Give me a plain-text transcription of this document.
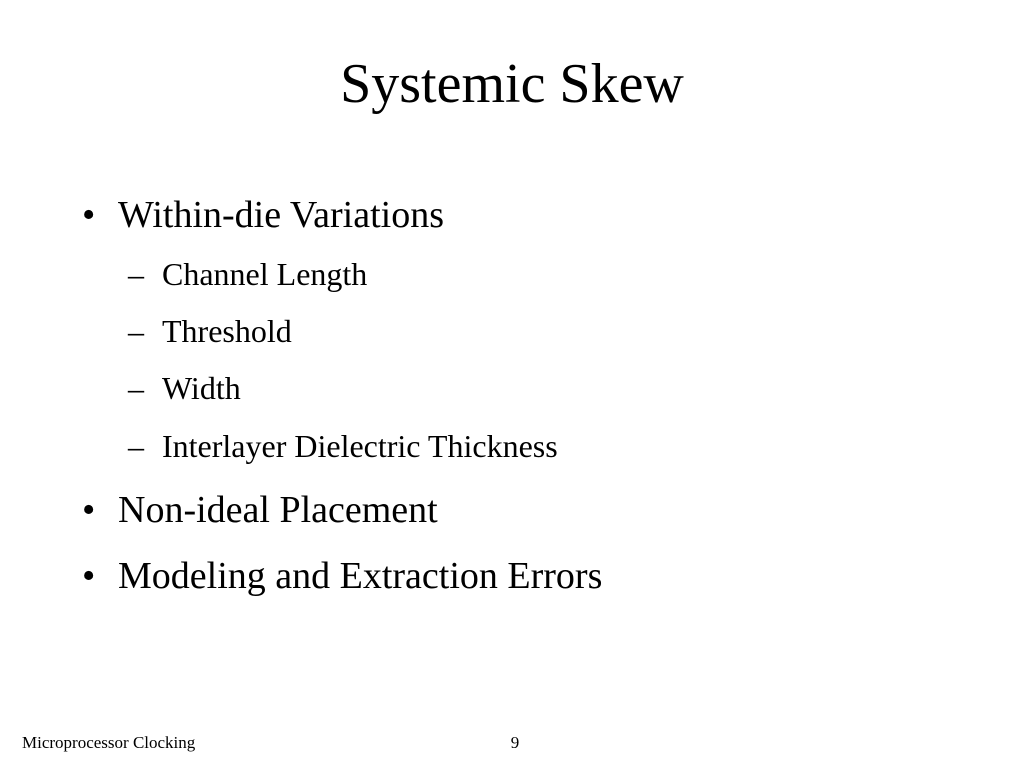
Systemic Skew
• Within-die Variations
– Channel Length
– Threshold
– Width
– Interlayer Dielectric Thickness
• Non-ideal Placement
• Modeling and Extraction Errors
Microprocessor Clocking	9
